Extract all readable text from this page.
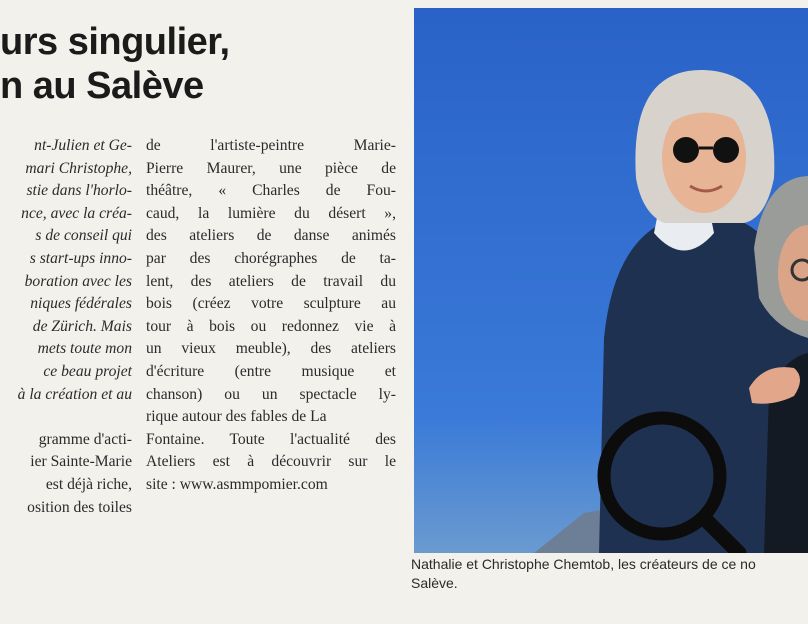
urs singulier,
n au Salève
nt-Julien et Ge-
mari Christophe,
stie dans l'horlo-
nce, avec la créa-
s de conseil qui
s start-ups inno-
boration avec les
niques fédérales
de Zürich. Mais
mets toute mon
ce beau projet
à la création et au
gramme d'acti-
ier Sainte-Marie
est déjà riche,
osition des toiles
de l'artiste-peintre Marie-
Pierre Maurer, une pièce de
théâtre, « Charles de Fou-
caud, la lumière du désert »,
des ateliers de danse animés
par des chorégraphes de ta-
lent, des ateliers de travail du
bois (créez votre sculpture au
tour à bois ou redonnez vie à
un vieux meuble), des ateliers
d'écriture (entre musique et
chanson) ou un spectacle ly-
rique autour des fables de La
Fontaine. Toute l'actualité des
Ateliers est à découvrir sur le
site : www.asmmpomier.com
Nathalie et Christophe Chemtob, les créateurs de ce no
Salève.
